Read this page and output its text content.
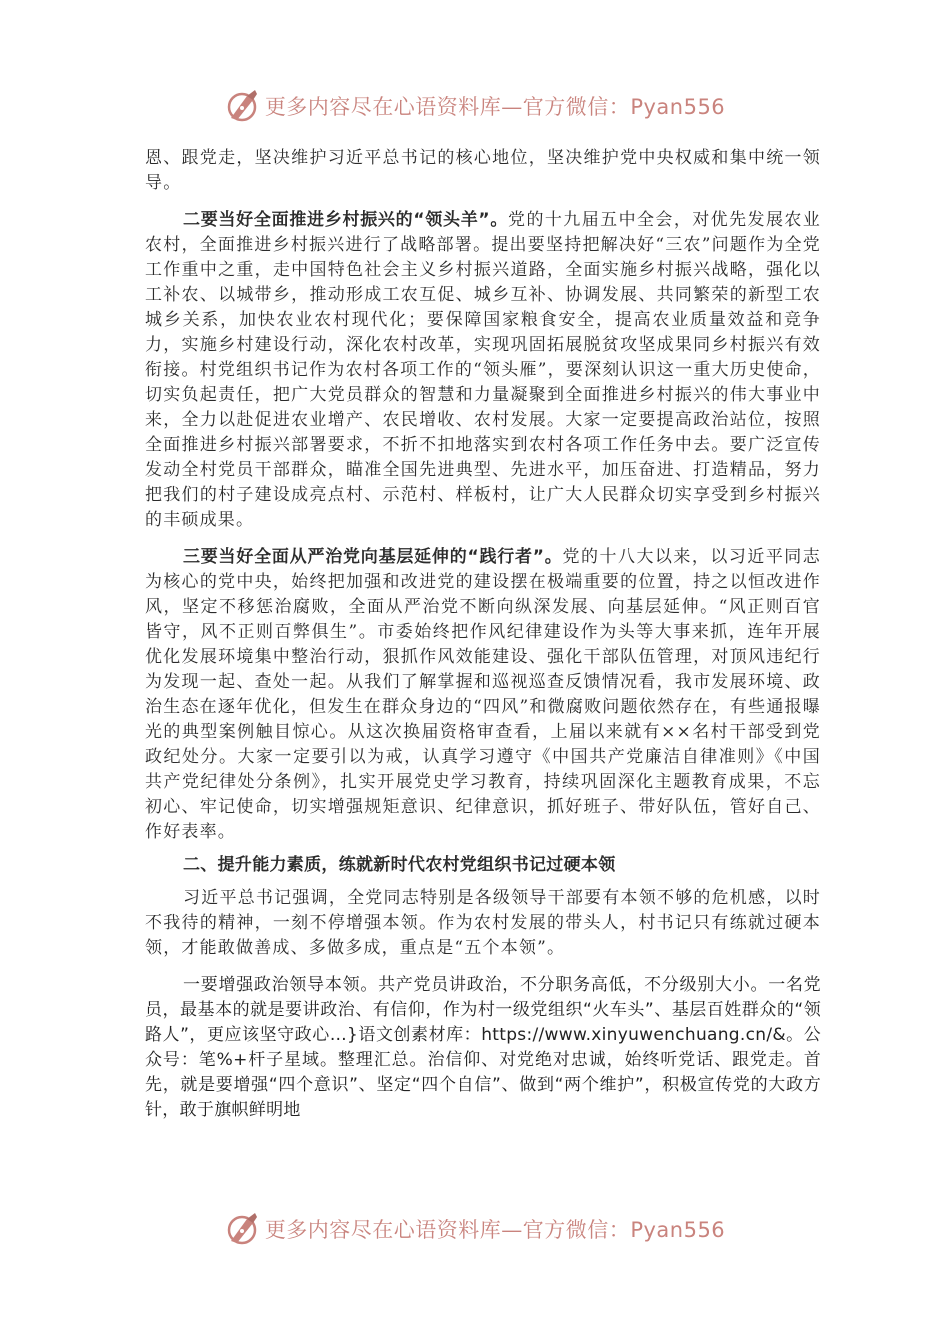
更多内容尽在心语资料库—官方微信：Pyan556

恩、跟党走，坚决维护习近平总书记的核心地位，坚决维护党中央权威和集中统一领导。

二要当好全面推进乡村振兴的“领头羊”。党的十九届五中全会，对优先发展农业农村，全面推进乡村振兴进行了战略部署。提出要坚持把解决好“三农”问题作为全党工作重中之重，走中国特色社会主义乡村振兴道路，全面实施乡村振兴战略，强化以工补农、以城带乡，推动形成工农互促、城乡互补、协调发展、共同繁荣的新型工农城乡关系，加快农业农村现代化；要保障国家粮食安全，提高农业质量效益和竞争力，实施乡村建设行动，深化农村改革，实现巩固拓展脱贫攻坚成果同乡村振兴有效衔接。村党组织书记作为农村各项工作的“领头雁”，要深刻认识这一重大历史使命，切实负起责任，把广大党员群众的智慧和力量凝聚到全面推进乡村振兴的伟大事业中来，全力以赴促进农业增产、农民增收、农村发展。大家一定要提高政治站位，按照全面推进乡村振兴部署要求，不折不扣地落实到农村各项工作任务中去。要广泛宣传发动全村党员干部群众，瞄准全国先进典型、先进水平，加压奋进、打造精品，努力把我们的村子建设成亮点村、示范村、样板村，让广大人民群众切实享受到乡村振兴的丰硕成果。

三要当好全面从严治党向基层延伸的“践行者”。党的十八大以来，以习近平同志为核心的党中央，始终把加强和改进党的建设摆在极端重要的位置，持之以恒改进作风，坚定不移惩治腐败，全面从严治党不断向纵深发展、向基层延伸。“风正则百官皆守，风不正则百弊俱生”。市委始终把作风纪律建设作为头等大事来抓，连年开展优化发展环境集中整治行动，狠抓作风效能建设、强化干部队伍管理，对顶风违纪行为发现一起、查处一起。从我们了解掌握和巡视巡查反馈情况看，我市发展环境、政治生态在逐年优化，但发生在群众身边的“四风”和微腐败问题依然存在，有些通报曝光的典型案例触目惊心。从这次换届资格审查看，上届以来就有××名村干部受到党政纪处分。大家一定要引以为戒，认真学习遵守《中国共产党廉洁自律准则》《中国共产党纪律处分条例》，扎实开展党史学习教育，持续巩固深化主题教育成果，不忘初心、牢记使命，切实增强规矩意识、纪律意识，抓好班子、带好队伍，管好自己、作好表率。

二、提升能力素质，练就新时代农村党组织书记过硬本领

习近平总书记强调，全党同志特别是各级领导干部要有本领不够的危机感，以时不我待的精神，一刻不停增强本领。作为农村发展的带头人，村书记只有练就过硬本领，才能敢做善成、多做多成，重点是“五个本领”。

一要增强政治领导本领。共产党员讲政治，不分职务高低，不分级别大小。一名党员，最基本的就是要讲政治、有信仰，作为村一级党组织“火车头”、基层百姓群众的“领路人”，更应该坚守政心…}语文创素材库：https://www.xinyuwenchuang.cn/&。公众号：笔%+杆子星域。整理汇总。治信仰、对党绝对忠诚，始终听党话、跟党走。首先，就是要增强“四个意识”、坚定“四个自信”、做到“两个维护”，积极宣传党的大政方针，敢于旗帜鲜明地

更多内容尽在心语资料库—官方微信：Pyan556
